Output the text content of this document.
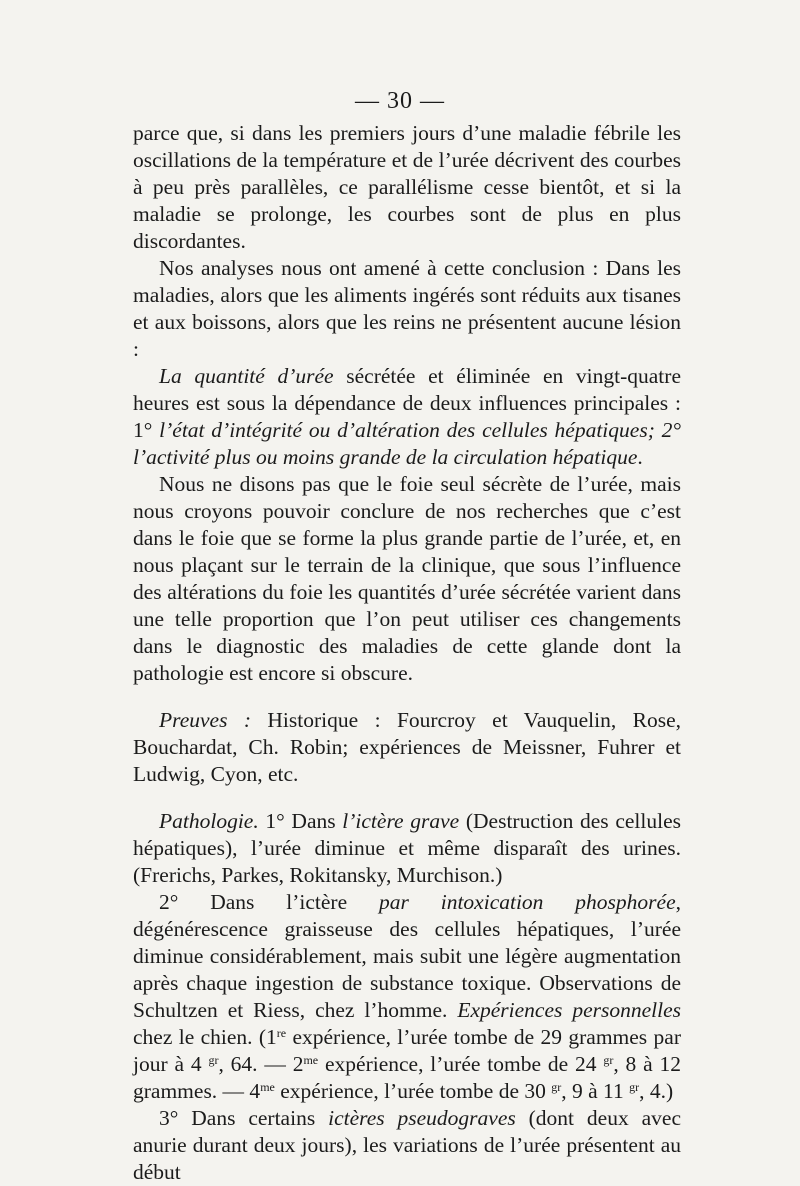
— 30 —

parce que, si dans les premiers jours d’une maladie fébrile les oscillations de la température et de l’urée décrivent des courbes à peu près parallèles, ce parallélisme cesse bientôt, et si la maladie se prolonge, les courbes sont de plus en plus discordantes.

Nos analyses nous ont amené à cette conclusion : Dans les maladies, alors que les aliments ingérés sont réduits aux tisanes et aux boissons, alors que les reins ne présentent aucune lésion :

La quantité d’urée sécrétée et éliminée en vingt-quatre heures est sous la dépendance de deux influences principales : 1° l’état d’intégrité ou d’altération des cellules hépatiques; 2° l’activité plus ou moins grande de la circulation hépatique.

Nous ne disons pas que le foie seul sécrète de l’urée, mais nous croyons pouvoir conclure de nos recherches que c’est dans le foie que se forme la plus grande partie de l’urée, et, en nous plaçant sur le terrain de la clinique, que sous l’influence des altérations du foie les quantités d’urée sécrétée varient dans une telle proportion que l’on peut utiliser ces changements dans le diagnostic des maladies de cette glande dont la pathologie est encore si obscure.

Preuves : Historique : Fourcroy et Vauquelin, Rose, Bouchardat, Ch. Robin; expériences de Meissner, Fuhrer et Ludwig, Cyon, etc.

Pathologie. 1° Dans l’ictère grave (Destruction des cellules hépatiques), l’urée diminue et même disparaît des urines. (Frerichs, Parkes, Rokitansky, Murchison.)

2° Dans l’ictère par intoxication phosphorée, dégénérescence graisseuse des cellules hépatiques, l’urée diminue considérablement, mais subit une légère augmentation après chaque ingestion de substance toxique. Observations de Schultzen et Riess, chez l’homme. Expériences personnelles chez le chien. (1re expérience, l’urée tombe de 29 grammes par jour à 4 $^{gr}$, 64. — $2^{me}$ expérience, l’urée tombe de 24 $^{gr}$, 8 à 12 grammes. — $4^{me}$ expérience, l’urée tombe de 30 $^{gr}$, 9 à 11 $^{gr}$, 4.)

3° Dans certains ictères pseudograves (dont deux avec anurie durant deux jours), les variations de l’urée présentent au début
